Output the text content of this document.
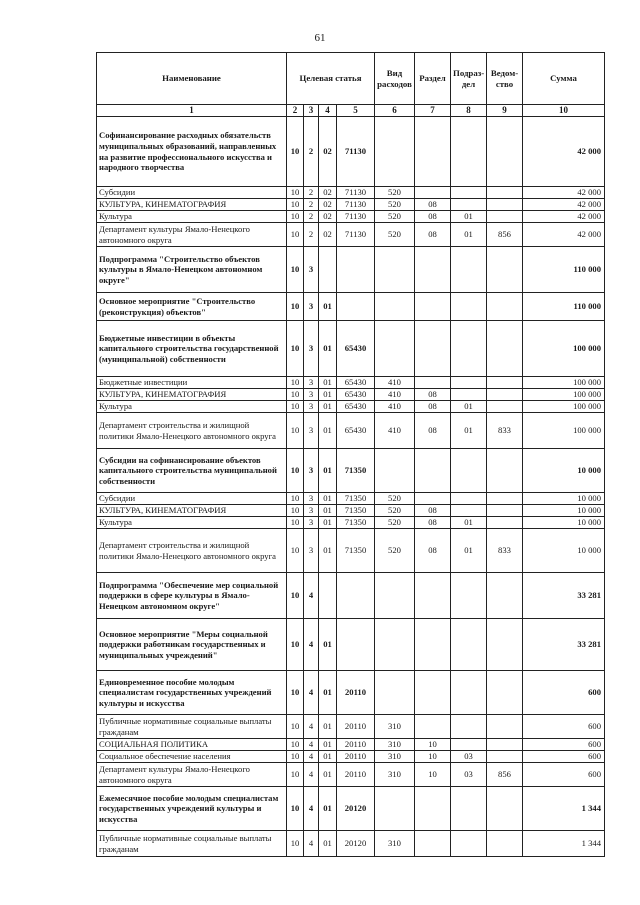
61
Наименование	Целевая статья				Вид расходов	Раздел	Подраз-дел	Ведом-ство	Сумма
1	2	3	4	5	6	7	8	9	10
Софинансирование расходных обязательств муниципальных образований, направленных на развитие профессионального искусства и народного творчества	10	2	02	71130					42 000
Субсидии	10	2	02	71130	520				42 000
КУЛЬТУРА, КИНЕМАТОГРАФИЯ	10	2	02	71130	520	08			42 000
Культура	10	2	02	71130	520	08	01		42 000
Департамент культуры Ямало-Ненецкого автономного округа	10	2	02	71130	520	08	01	856	42 000
Подпрограмма "Строительство объектов культуры в Ямало-Ненецком автономном округе"	10	3							110 000
Основное мероприятие "Строительство (реконструкция) объектов"	10	3	01						110 000
Бюджетные инвестиции в объекты капитального строительства государственной (муниципальной) собственности	10	3	01	65430					100 000
Бюджетные инвестиции	10	3	01	65430	410				100 000
КУЛЬТУРА, КИНЕМАТОГРАФИЯ	10	3	01	65430	410	08			100 000
Культура	10	3	01	65430	410	08	01		100 000
Департамент строительства и жилищной политики Ямало-Ненецкого автономного округа	10	3	01	65430	410	08	01	833	100 000
Субсидии на софинансирование объектов капитального строительства муниципальной собственности	10	3	01	71350					10 000
Субсидии	10	3	01	71350	520				10 000
КУЛЬТУРА, КИНЕМАТОГРАФИЯ	10	3	01	71350	520	08			10 000
Культура	10	3	01	71350	520	08	01		10 000
Департамент строительства и жилищной политики Ямало-Ненецкого автономного округа	10	3	01	71350	520	08	01	833	10 000
Подпрограмма "Обеспечение мер социальной поддержки в сфере культуры в Ямало-Ненецком автономном округе"	10	4							33 281
Основное мероприятие "Меры социальной поддержки работникам государственных и муниципальных учреждений"	10	4	01						33 281
Единовременное пособие молодым специалистам государственных учреждений культуры и искусства	10	4	01	20110					600
Публичные нормативные социальные выплаты гражданам	10	4	01	20110	310				600
СОЦИАЛЬНАЯ ПОЛИТИКА	10	4	01	20110	310	10			600
Социальное обеспечение населения	10	4	01	20110	310	10	03		600
Департамент культуры Ямало-Ненецкого автономного округа	10	4	01	20110	310	10	03	856	600
Ежемесячное пособие молодым специалистам государственных учреждений культуры и искусства	10	4	01	20120					1 344
Публичные нормативные социальные выплаты гражданам	10	4	01	20120	310				1 344
